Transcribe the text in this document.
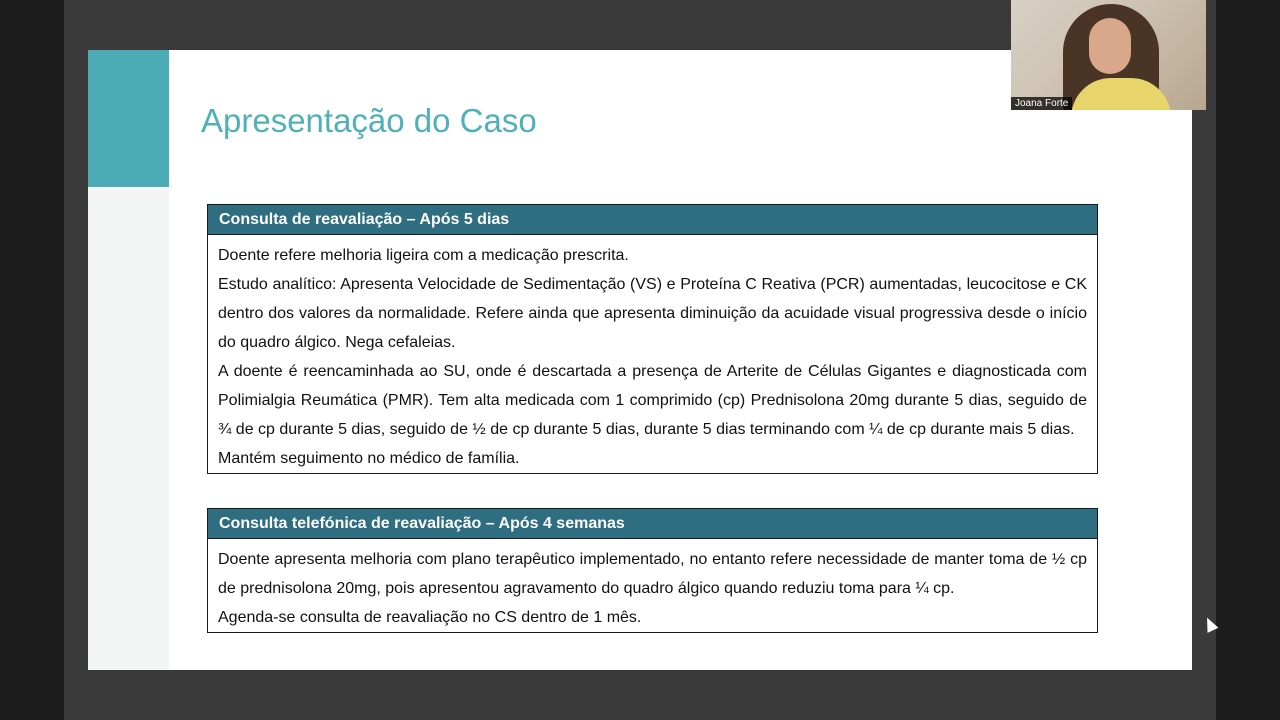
Apresentação do Caso
Consulta de reavaliação – Após 5 dias

Doente refere melhoria ligeira com a medicação prescrita.

Estudo analítico: Apresenta Velocidade de Sedimentação (VS) e Proteína C Reativa (PCR) aumentadas, leucocitose e CK dentro dos valores da normalidade. Refere ainda que apresenta diminuição da acuidade visual progressiva desde o início do quadro álgico. Nega cefaleias.

A doente é reencaminhada ao SU, onde é descartada a presença de Arterite de Células Gigantes e diagnosticada com Polimialgia Reumática (PMR). Tem alta medicada com 1 comprimido (cp) Prednisolona 20mg durante 5 dias, seguido de ¾ de cp durante 5 dias, seguido de ½ de cp durante 5 dias, durante 5 dias terminando com ¼ de cp durante mais 5 dias.

Mantém seguimento no médico de família.

Consulta telefónica de reavaliação – Após 4 semanas

Doente apresenta melhoria com plano terapêutico implementado, no entanto refere necessidade de manter toma de ½ cp de prednisolona 20mg, pois apresentou agravamento do quadro álgico quando reduziu toma para ¼ cp.

Agenda-se consulta de reavaliação no CS dentro de 1 mês.

Joana Forte
